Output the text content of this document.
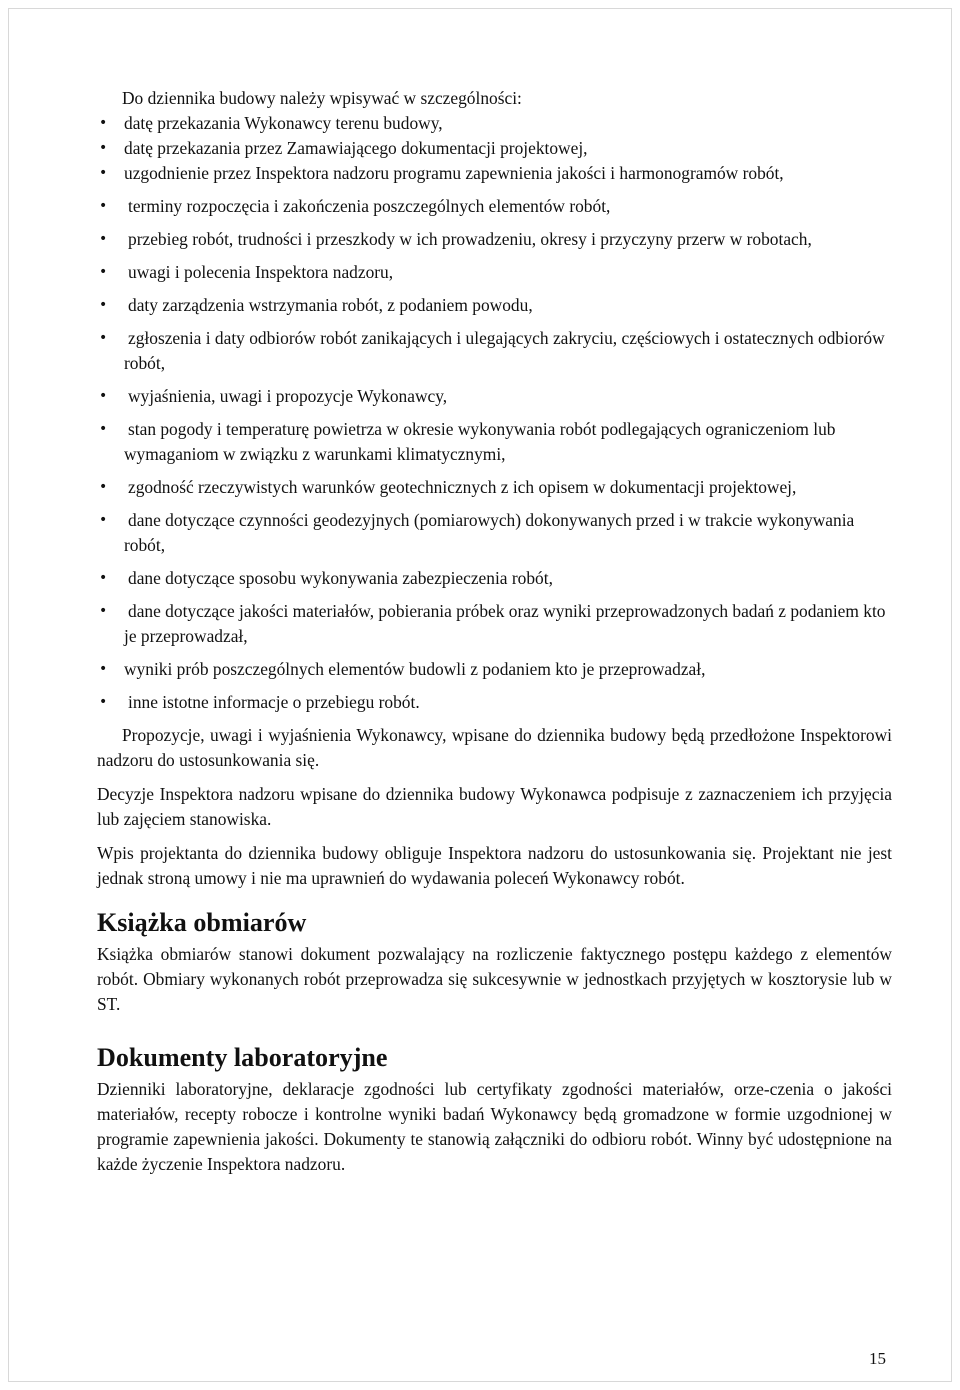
Do dziennika budowy należy wpisywać w szczególności:

• datę przekazania Wykonawcy terenu budowy,
• datę przekazania przez Zamawiającego dokumentacji projektowej,
• uzgodnienie przez Inspektora nadzoru programu zapewnienia jakości i harmonogramów robót,
• terminy rozpoczęcia i zakończenia poszczególnych elementów robót,
• przebieg robót, trudności i przeszkody w ich prowadzeniu, okresy i przyczyny przerw w robotach,
• uwagi i polecenia Inspektora nadzoru,
• daty zarządzenia wstrzymania robót, z podaniem powodu,
• zgłoszenia i daty odbiorów robót zanikających i ulegających zakryciu, częściowych i ostatecznych odbiorów robót,
• wyjaśnienia, uwagi i propozycje Wykonawcy,
• stan pogody i temperaturę powietrza w okresie wykonywania robót podlegających ograniczeniom lub wymaganiom w związku z warunkami klimatycznymi,
• zgodność rzeczywistych warunków geotechnicznych z ich opisem w dokumentacji projektowej,
• dane dotyczące czynności geodezyjnych (pomiarowych) dokonywanych przed i w trakcie wykonywania robót,
• dane dotyczące sposobu wykonywania zabezpieczenia robót,
• dane dotyczące jakości materiałów, pobierania próbek oraz wyniki przeprowadzonych badań z podaniem kto je przeprowadzał,
• wyniki prób poszczególnych elementów budowli z podaniem kto je przeprowadzał,
• inne istotne informacje o przebiegu robót.

Propozycje, uwagi i wyjaśnienia Wykonawcy, wpisane do dziennika budowy będą przedłożone Inspektorowi nadzoru do ustosunkowania się.

Decyzje Inspektora nadzoru wpisane do dziennika budowy Wykonawca podpisuje z zaznaczeniem ich przyjęcia lub zajęciem stanowiska.

Wpis projektanta do dziennika budowy obliguje Inspektora nadzoru do ustosunkowania się. Projektant nie jest jednak stroną umowy i nie ma uprawnień do wydawania poleceń Wykonawcy robót.

Książka obmiarów

Książka obmiarów stanowi dokument pozwalający na rozliczenie faktycznego postępu każdego z elementów robót. Obmiary wykonanych robót przeprowadza się sukcesywnie w jednostkach przyjętych w kosztorysie lub w ST.

Dokumenty laboratoryjne

Dzienniki laboratoryjne, deklaracje zgodności lub certyfikaty zgodności materiałów, orze-czenia o jakości materiałów, recepty robocze i kontrolne wyniki badań Wykonawcy będą gromadzone w formie uzgodnionej w programie zapewnienia jakości. Dokumenty te stanowią załączniki do odbioru robót. Winny być udostępnione na każde życzenie Inspektora nadzoru.

15
